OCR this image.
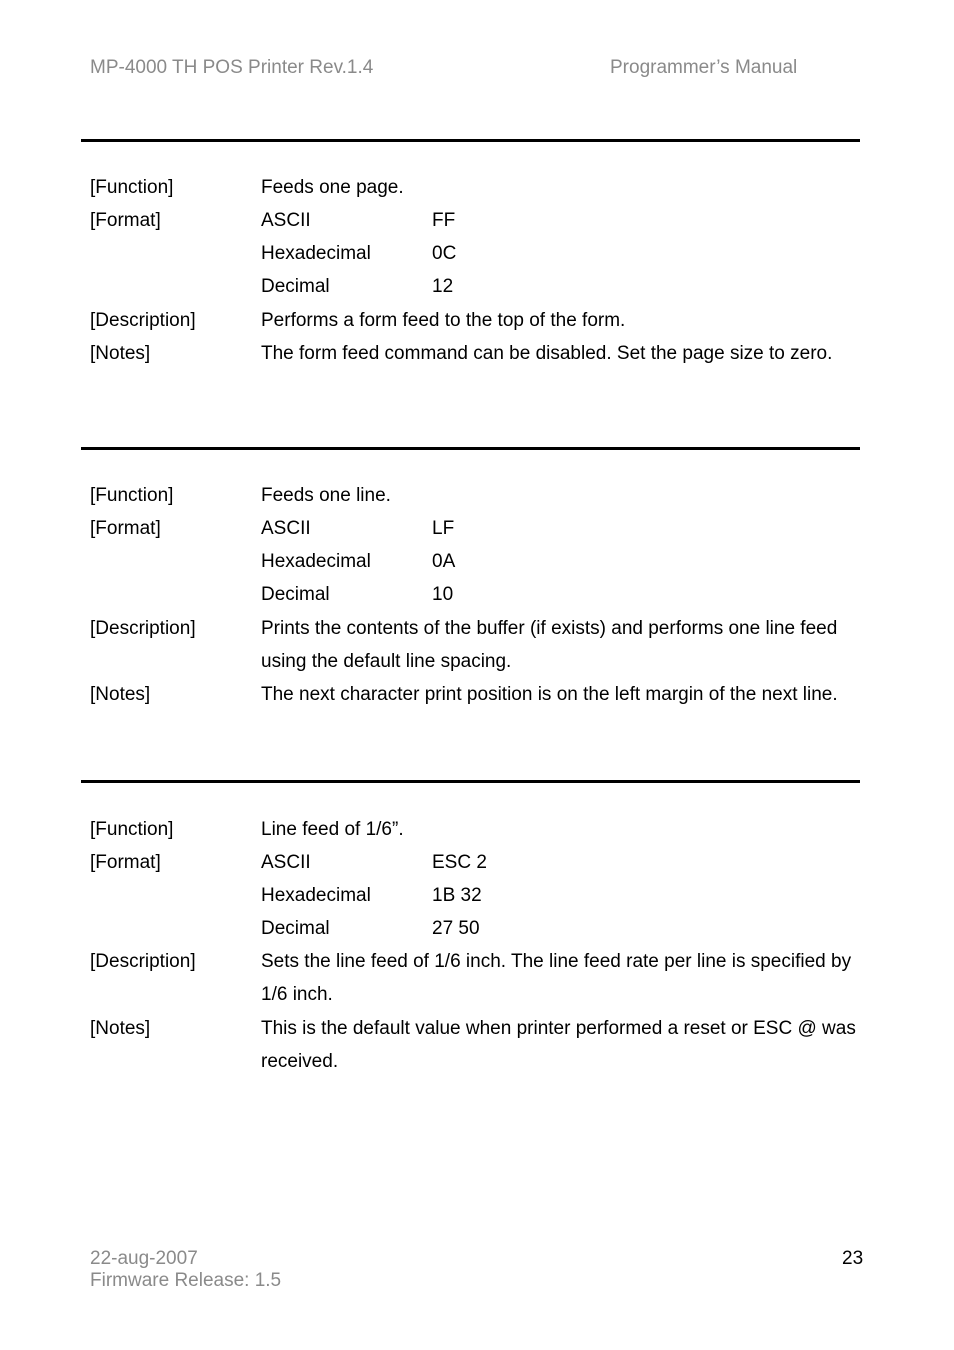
MP-4000 TH POS Printer Rev.1.4	Programmer’s Manual
[Function]	Feeds one page.
[Format]	ASCII	FF
Hexadecimal	0C
Decimal	12
[Description]	Performs a form feed to the top of the form.
[Notes]	The form feed command can be disabled. Set the page size to zero.
[Function]	Feeds one line.
[Format]	ASCII	LF
Hexadecimal	0A
Decimal	10
[Description]	Prints the contents of the buffer (if exists) and performs one line feed using the default line spacing.
[Notes]	The next character print position is on the left margin of the next line.
[Function]	Line feed of 1/6”.
[Format]	ASCII	ESC 2
Hexadecimal	1B 32
Decimal	27 50
[Description]	Sets the line feed of 1/6 inch. The line feed rate per line is specified by 1/6 inch.
[Notes]	This is the default value when printer performed a reset or ESC @ was received.
22-aug-2007
Firmware Release: 1.5
23
